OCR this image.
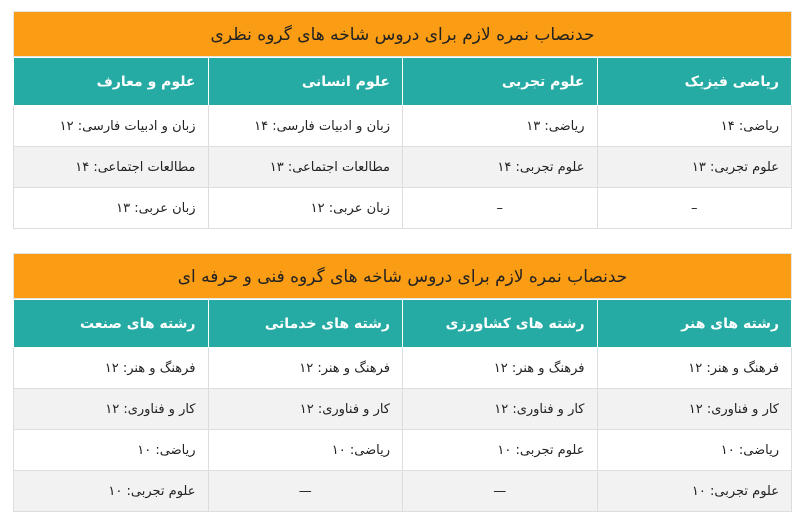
حدنصاب نمره لازم برای دروس شاخه های گروه نظری
ریاضی فیزیک	علوم تجربی	علوم انسانی	علوم و معارف
ریاضی: ۱۴	ریاضی: ۱۳	زبان و ادبیات فارسی: ۱۴	زبان و ادبیات فارسی: ۱۲
علوم تجربی: ۱۳	علوم تجربی: ۱۴	مطالعات اجتماعی: ۱۳	مطالعات اجتماعی: ۱۴
–	–	زبان عربی: ۱۲	زبان عربی: ۱۳
حدنصاب نمره لازم برای دروس شاخه های گروه فنی و حرفه ای
رشته های هنر	رشته های کشاورزی	رشته های خدماتی	رشته های صنعت
فرهنگ و هنر: ۱۲	فرهنگ و هنر: ۱۲	فرهنگ و هنر: ۱۲	فرهنگ و هنر: ۱۲
کار و فناوری: ۱۲	کار و فناوری: ۱۲	کار و فناوری: ۱۲	کار و فناوری: ۱۲
ریاضی: ۱۰	علوم تجربی: ۱۰	ریاضی: ۱۰	ریاضی: ۱۰
علوم تجربی: ۱۰	—	—	علوم تجربی: ۱۰
